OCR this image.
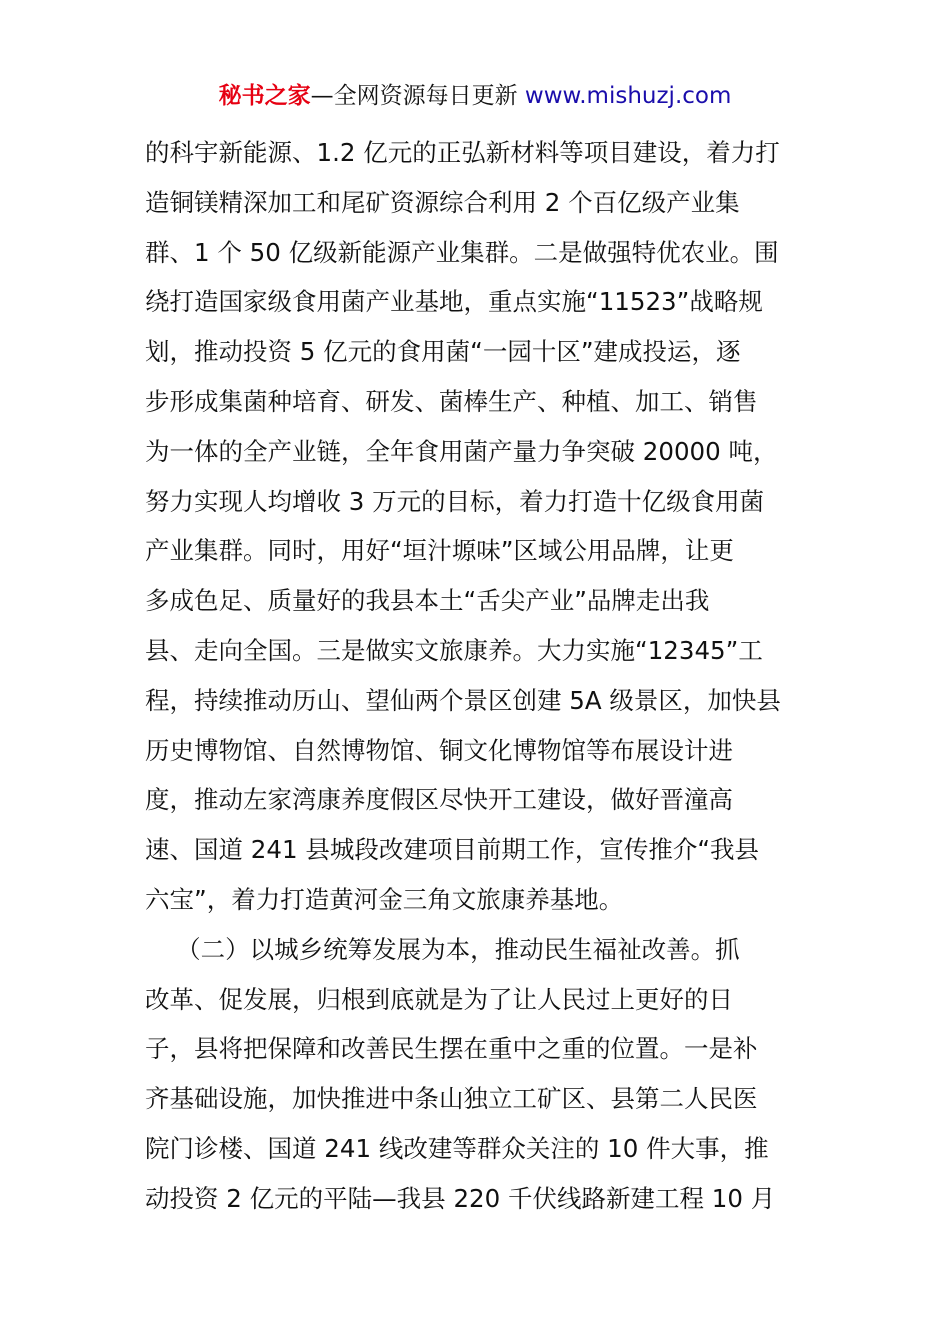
秘书之家—全网资源每日更新 www.mishuzj.com
的科宇新能源、1.2 亿元的正弘新材料等项目建设，着力打
造铜镁精深加工和尾矿资源综合利用 2 个百亿级产业集
群、1 个 50 亿级新能源产业集群。二是做强特优农业。围
绕打造国家级食用菌产业基地，重点实施“11523”战略规
划，推动投资 5 亿元的食用菌“一园十区”建成投运，逐
步形成集菌种培育、研发、菌棒生产、种植、加工、销售
为一体的全产业链，全年食用菌产量力争突破 20000 吨，
努力实现人均增收 3 万元的目标，着力打造十亿级食用菌
产业集群。同时，用好“垣汁塬味”区域公用品牌，让更
多成色足、质量好的我县本土“舌尖产业”品牌走出我
县、走向全国。三是做实文旅康养。大力实施“12345”工
程，持续推动历山、望仙两个景区创建 5A 级景区，加快县
历史博物馆、自然博物馆、铜文化博物馆等布展设计进
度，推动左家湾康养度假区尽快开工建设，做好晋潼高
速、国道 241 县城段改建项目前期工作，宣传推介“我县
六宝”，着力打造黄河金三角文旅康养基地。
（二）以城乡统筹发展为本，推动民生福祉改善。抓
改革、促发展，归根到底就是为了让人民过上更好的日
子，县将把保障和改善民生摆在重中之重的位置。一是补
齐基础设施，加快推进中条山独立工矿区、县第二人民医
院门诊楼、国道 241 线改建等群众关注的 10 件大事，推
动投资 2 亿元的平陆—我县 220 千伏线路新建工程 10 月
